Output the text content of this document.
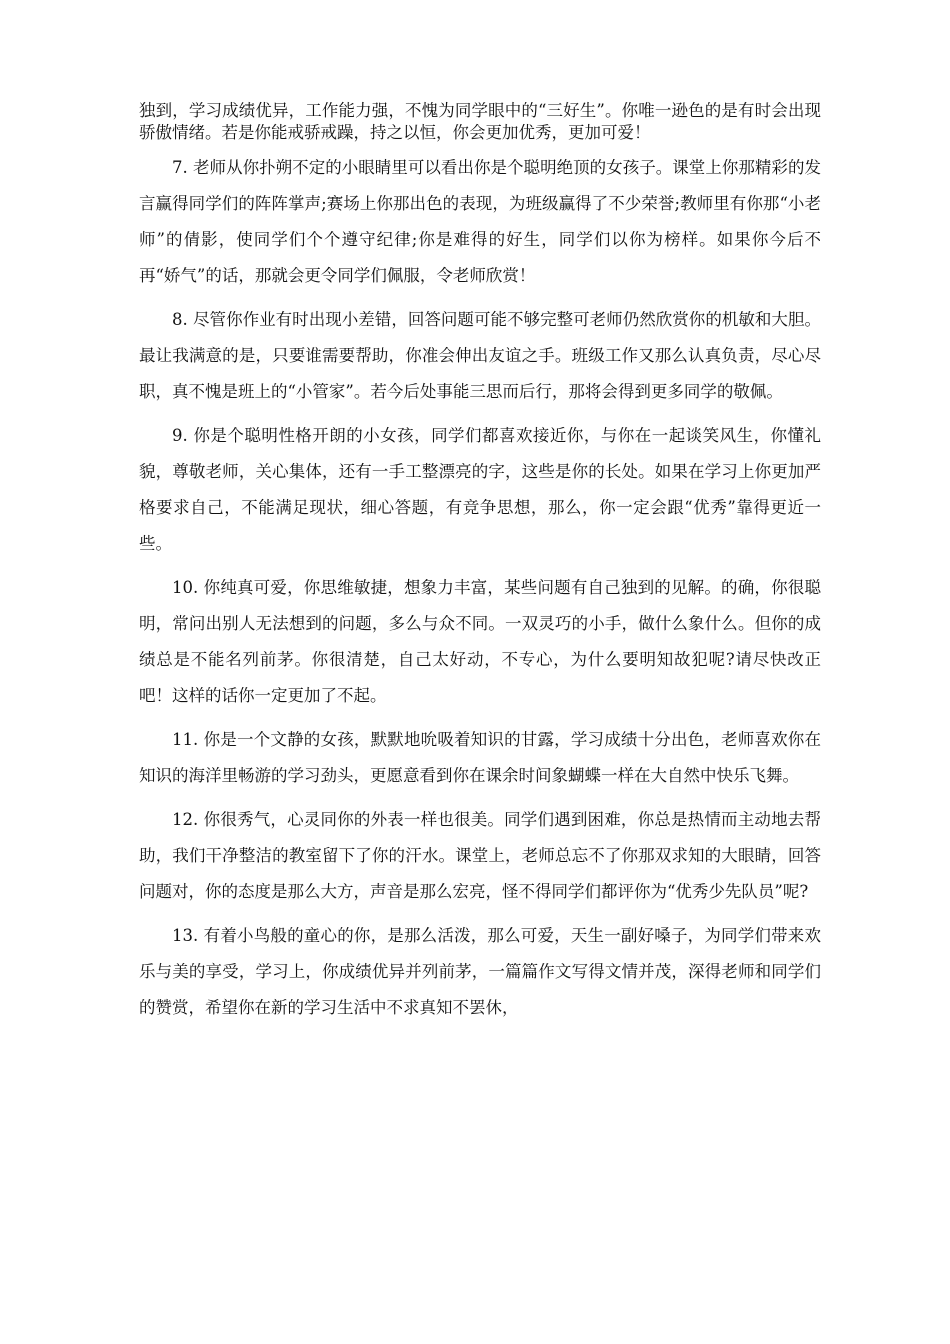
独到，学习成绩优异，工作能力强，不愧为同学眼中的“三好生”。你唯一逊色的是有时会出现骄傲情绪。若是你能戒骄戒躁，持之以恒，你会更加优秀，更加可爱！

7. 老师从你扑朔不定的小眼睛里可以看出你是个聪明绝顶的女孩子。课堂上你那精彩的发言赢得同学们的阵阵掌声;赛场上你那出色的表现，为班级赢得了不少荣誉;教师里有你那“小老师”的倩影，使同学们个个遵守纪律;你是难得的好生，同学们以你为榜样。如果你今后不再“娇气”的话，那就会更令同学们佩服，令老师欣赏！

8. 尽管你作业有时出现小差错，回答问题可能不够完整可老师仍然欣赏你的机敏和大胆。最让我满意的是，只要谁需要帮助，你准会伸出友谊之手。班级工作又那么认真负责，尽心尽职，真不愧是班上的“小管家”。若今后处事能三思而后行，那将会得到更多同学的敬佩。

9. 你是个聪明性格开朗的小女孩，同学们都喜欢接近你，与你在一起谈笑风生，你懂礼貌，尊敬老师，关心集体，还有一手工整漂亮的字，这些是你的长处。如果在学习上你更加严格要求自己，不能满足现状，细心答题，有竞争思想，那么，你一定会跟“优秀”靠得更近一些。

10. 你纯真可爱，你思维敏捷，想象力丰富，某些问题有自己独到的见解。的确，你很聪明，常问出别人无法想到的问题，多么与众不同。一双灵巧的小手，做什么象什么。但你的成绩总是不能名列前茅。你很清楚，自己太好动，不专心，为什么要明知故犯呢?请尽快改正吧！这样的话你一定更加了不起。

11. 你是一个文静的女孩，默默地吮吸着知识的甘露，学习成绩十分出色，老师喜欢你在知识的海洋里畅游的学习劲头，更愿意看到你在课余时间象蝴蝶一样在大自然中快乐飞舞。

12. 你很秀气，心灵同你的外表一样也很美。同学们遇到困难，你总是热情而主动地去帮助，我们干净整洁的教室留下了你的汗水。课堂上，老师总忘不了你那双求知的大眼睛，回答问题对，你的态度是那么大方，声音是那么宏亮，怪不得同学们都评你为“优秀少先队员”呢?

13. 有着小鸟般的童心的你，是那么活泼，那么可爱，天生一副好嗓子，为同学们带来欢乐与美的享受，学习上，你成绩优异并列前茅，一篇篇作文写得文情并茂，深得老师和同学们的赞赏，希望你在新的学习生活中不求真知不罢休，
